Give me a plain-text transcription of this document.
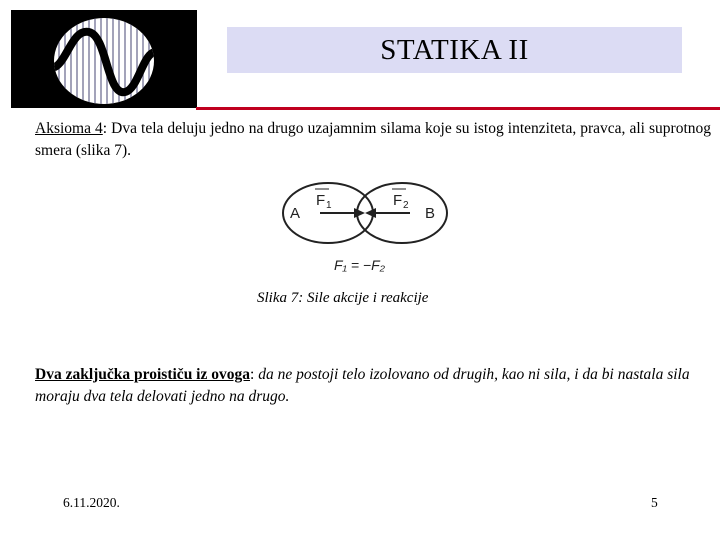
STATIKA II
Aksioma 4: Dva tela deluju jedno na drugo uzajamnim silama koje su istog intenziteta, pravca, ali suprotnog smera (slika 7).
A	B
F 1	F 2
F₁ = −F₂
Slika 7: Sile akcije i reakcije
Dva zaključka proističu iz ovoga: da ne postoji telo izolovano od drugih, kao ni sila, i da bi nastala sila moraju dva tela delovati jedno na drugo.
6.11.2020.	5
